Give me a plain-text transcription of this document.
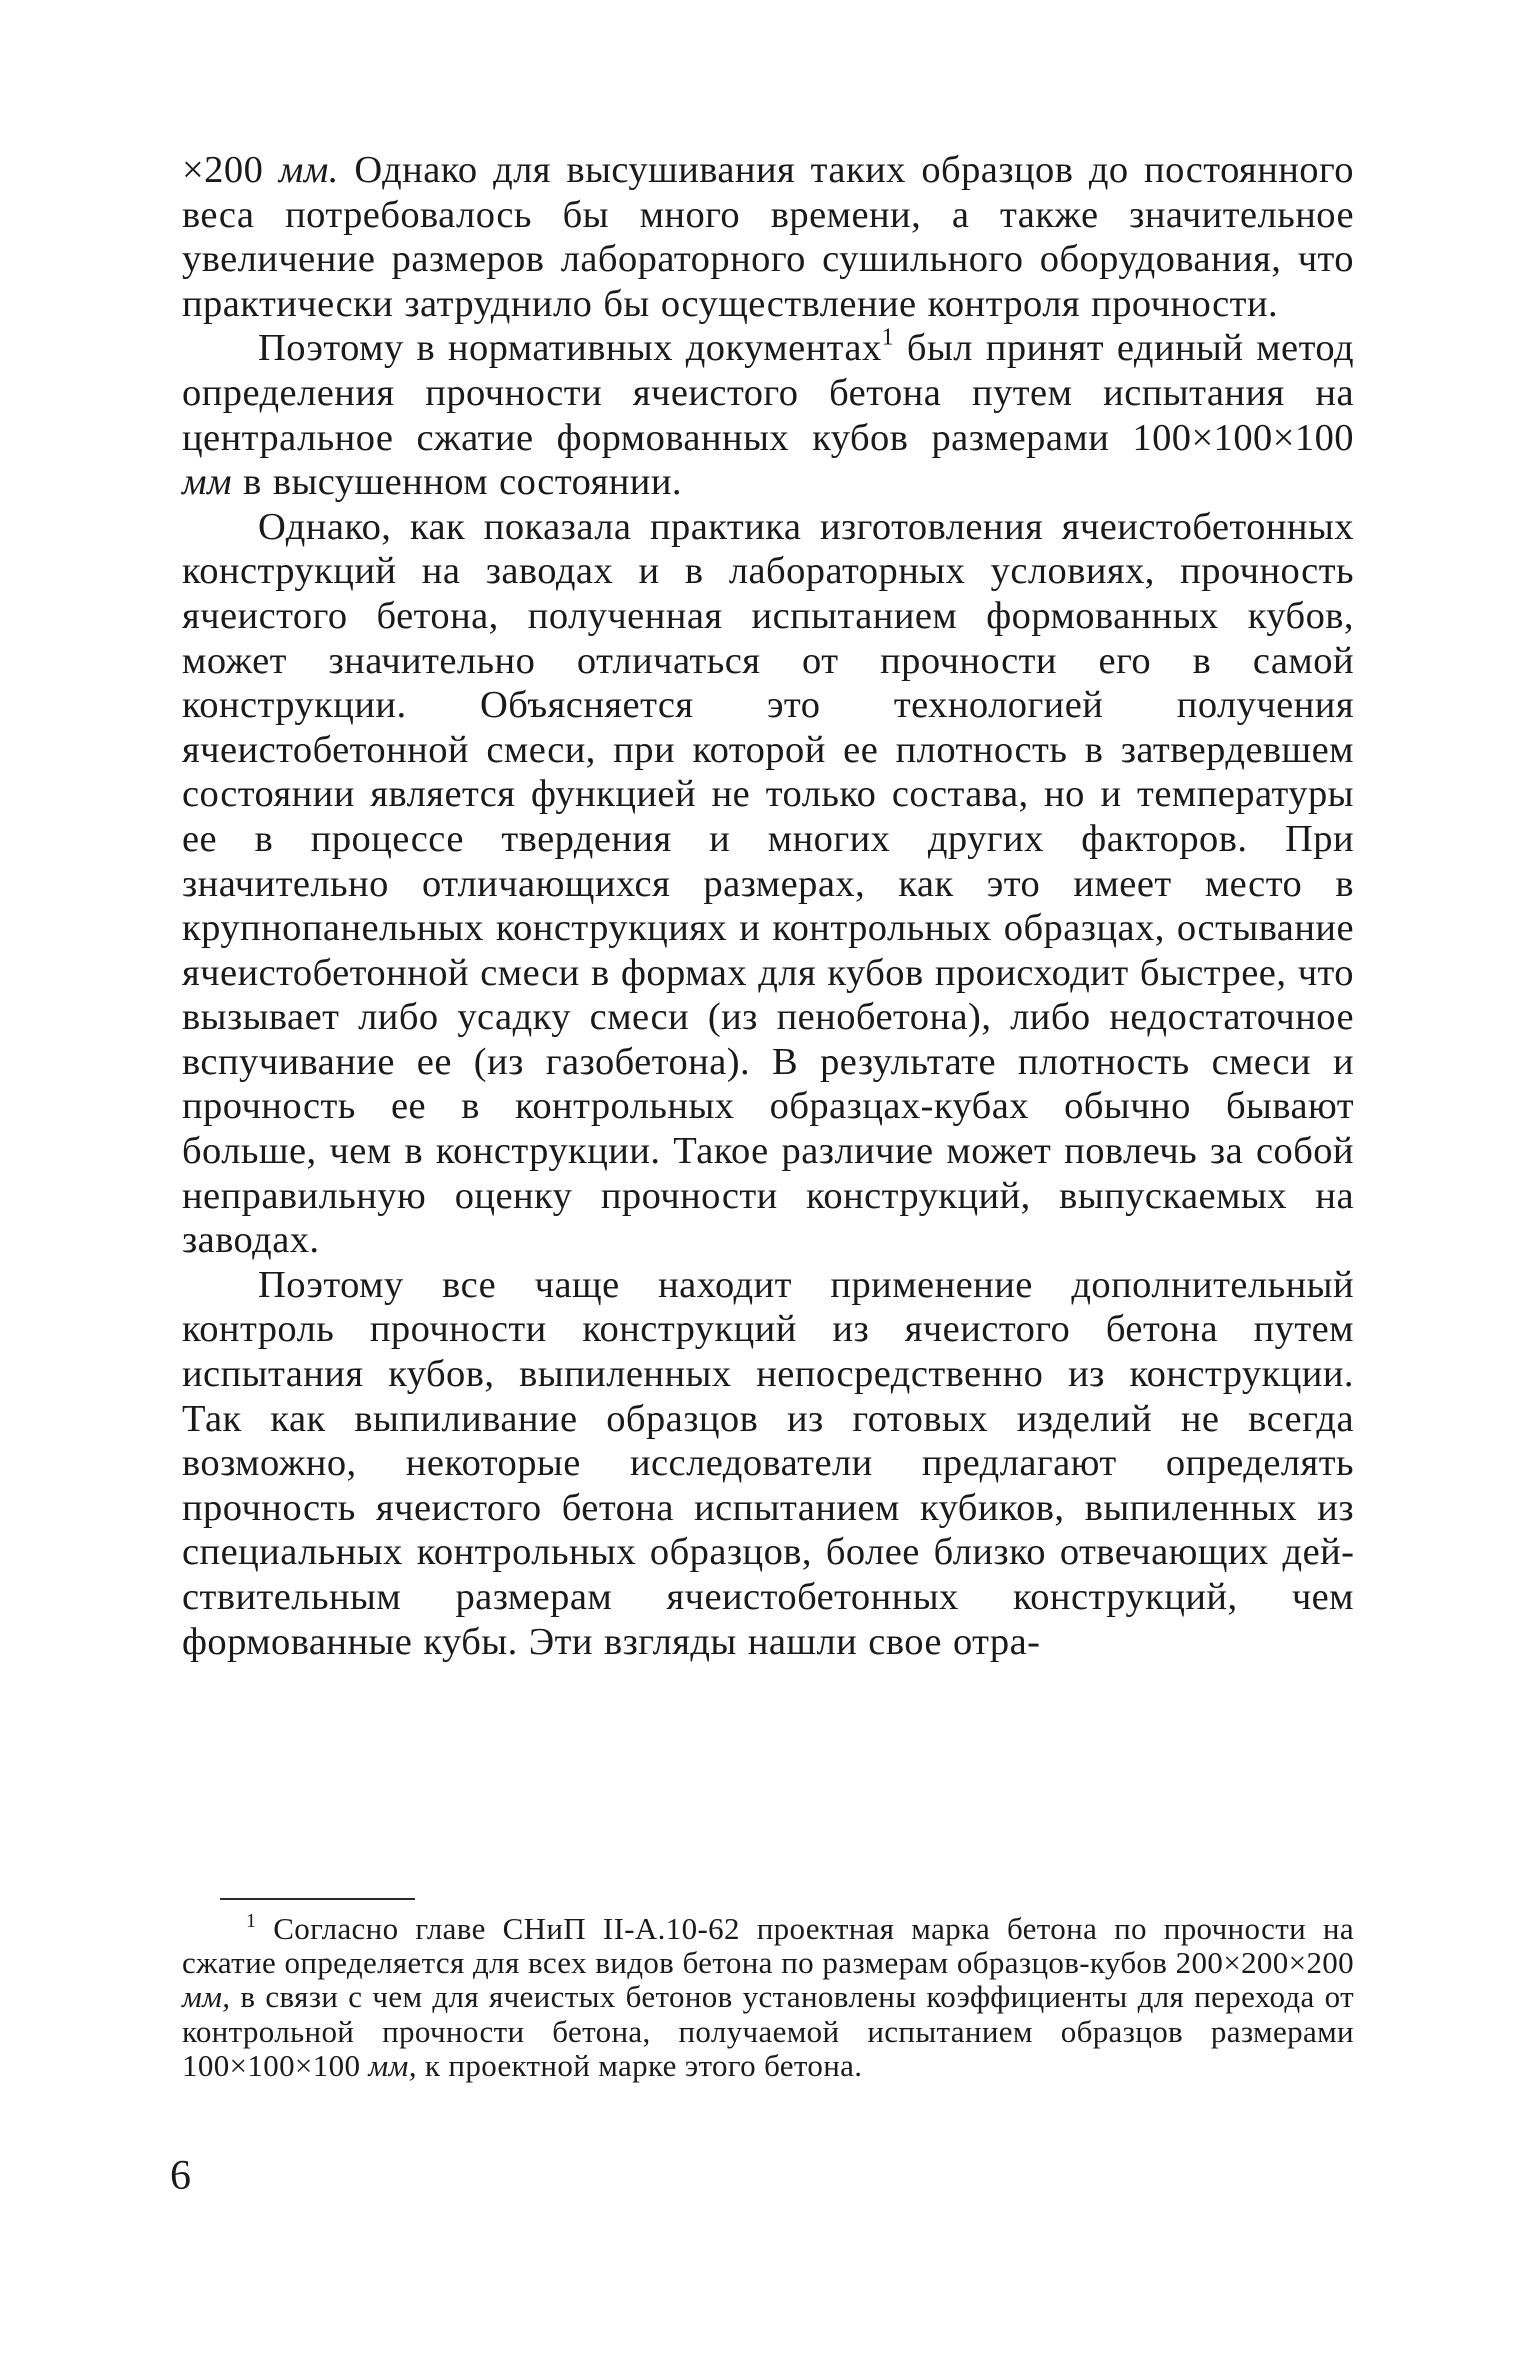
×200 мм. Однако для высушивания таких образцов до постоянного веса потребовалось бы много времени, а также значительное увеличение размеров лабораторного сушильного оборудования, что практически затруднило бы осуществление контроля прочности.

Поэтому в нормативных документах$^1$ был принят единый метод определения прочности ячеистого бетона путем испытания на центральное сжатие формованных кубов размерами 100×100×100 мм в высушенном состоянии.

Однако, как показала практика изготовления ячеистобетонных конструкций на заводах и в лабораторных условиях, прочность ячеистого бетона, полученная испытанием формованных кубов, может значительно отличаться от прочности его в самой конструкции. Объясняется это технологией получения ячеистобетонной смеси, при которой ее плотность в затвердевшем состоянии является функцией не только состава, но и температуры ее в процессе твердения и многих других факторов. При значительно отличающихся размерах, как это имеет место в крупнопанельных конструкциях и контрольных образцах, остывание ячеистобетонной смеси в формах для кубов происходит быстрее, что вызывает либо усадку смеси (из пенобетона), либо недостаточное вспучивание ее (из газобетона). В результате плотность смеси и прочность ее в контрольных образцах-кубах обычно бывают больше, чем в конструкции. Такое различие может повлечь за собой неправильную оценку прочности конструкций, выпускаемых на заводах.

Поэтому все чаще находит применение дополнительный контроль прочности конструкций из ячеистого бетона путем испытания кубов, выпиленных непосредственно из конструкции. Так как выпиливание образцов из готовых изделий не всегда возможно, некоторые исследователи предлагают определять прочность ячеистого бетона испытанием кубиков, выпиленных из специальных контрольных образцов, более близко отвечающих действительным размерам ячеистобетонных конструкций, чем формованные кубы. Эти взгляды нашли свое отра-

$^1$ Согласно главе СНиП II-A.10-62 проектная марка бетона по прочности на сжатие определяется для всех видов бетона по размерам образцов-кубов 200×200×200 мм, в связи с чем для ячеистых бетонов установлены коэффициенты для перехода от контрольной прочности бетона, получаемой испытанием образцов размерами 100×100×100 мм, к проектной марке этого бетона.

6
